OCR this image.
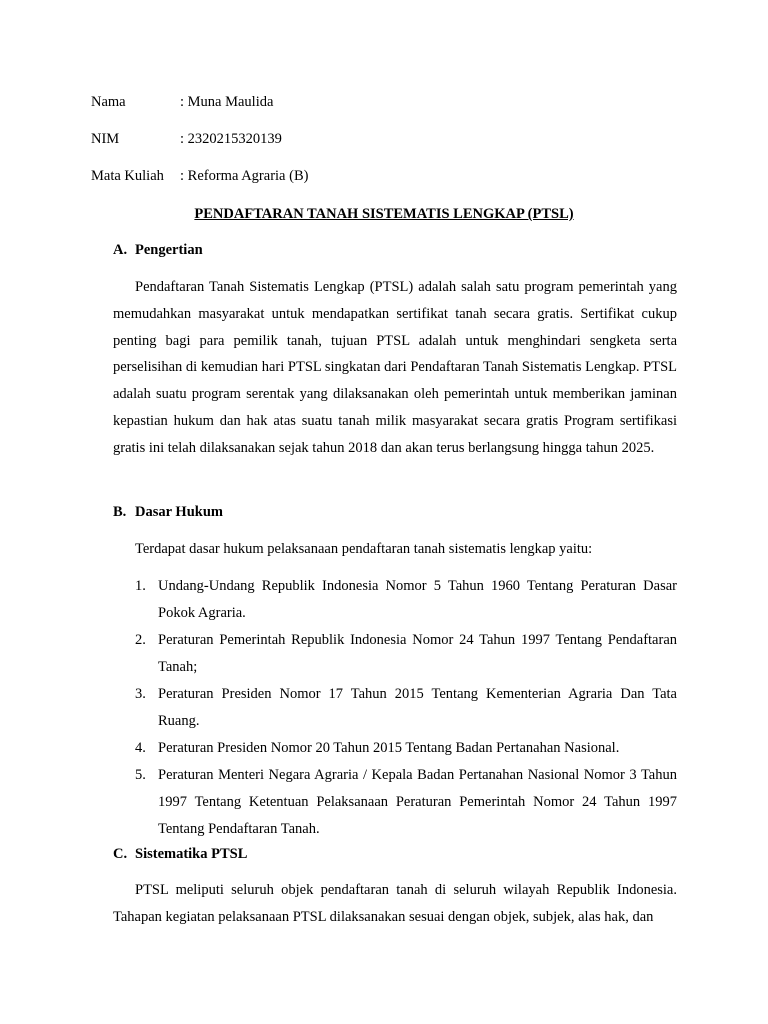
Nama	: Muna Maulida
NIM	: 2320215320139
Mata Kuliah : Reforma Agraria (B)
PENDAFTARAN TANAH SISTEMATIS LENGKAP (PTSL)
A. Pengertian

Pendaftaran Tanah Sistematis Lengkap (PTSL) adalah salah satu program pemerintah yang memudahkan masyarakat untuk mendapatkan sertifikat tanah secara gratis. Sertifikat cukup penting bagi para pemilik tanah, tujuan PTSL adalah untuk menghindari sengketa serta perselisihan di kemudian hari PTSL singkatan dari Pendaftaran Tanah Sistematis Lengkap. PTSL adalah suatu program serentak yang dilaksanakan oleh pemerintah untuk memberikan jaminan kepastian hukum dan hak atas suatu tanah milik masyarakat secara gratis Program sertifikasi gratis ini telah dilaksanakan sejak tahun 2018 dan akan terus berlangsung hingga tahun 2025.

B. Dasar Hukum

Terdapat dasar hukum pelaksanaan pendaftaran tanah sistematis lengkap yaitu:

1. Undang-Undang Republik Indonesia Nomor 5 Tahun 1960 Tentang Peraturan Dasar Pokok Agraria.
2. Peraturan Pemerintah Republik Indonesia Nomor 24 Tahun 1997 Tentang Pendaftaran Tanah;
3. Peraturan Presiden Nomor 17 Tahun 2015 Tentang Kementerian Agraria Dan Tata Ruang.
4. Peraturan Presiden Nomor 20 Tahun 2015 Tentang Badan Pertanahan Nasional.
5. Peraturan Menteri Negara Agraria / Kepala Badan Pertanahan Nasional Nomor 3 Tahun 1997 Tentang Ketentuan Pelaksanaan Peraturan Pemerintah Nomor 24 Tahun 1997 Tentang Pendaftaran Tanah.
C. Sistematika PTSL

PTSL meliputi seluruh objek pendaftaran tanah di seluruh wilayah Republik Indonesia. Tahapan kegiatan pelaksanaan PTSL dilaksanakan sesuai dengan objek, subjek, alas hak, dan
